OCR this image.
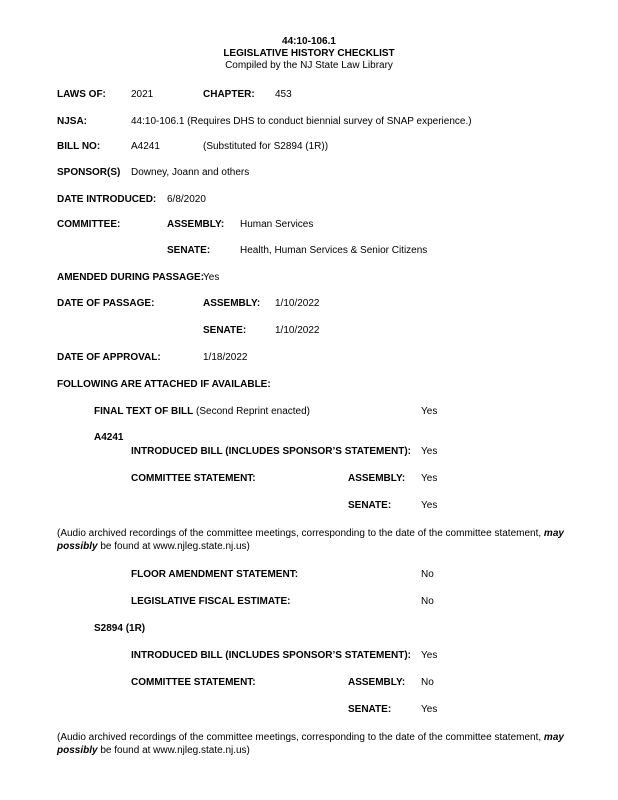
44:10-106.1
LEGISLATIVE HISTORY CHECKLIST
Compiled by the NJ State Law Library
LAWS OF:	2021	CHAPTER: 453
NJSA:	44:10-106.1 (Requires DHS to conduct biennial survey of SNAP experience.)
BILL NO:	A4241	(Substituted for S2894 (1R))
SPONSOR(S) Downey, Joann and others
DATE INTRODUCED: 6/8/2020
COMMITTEE:	ASSEMBLY: Human Services
SENATE:	Health, Human Services & Senior Citizens
AMENDED DURING PASSAGE:
Yes
DATE OF PASSAGE:	ASSEMBLY: 1/10/2022
SENATE:	1/10/2022
DATE OF APPROVAL:	1/18/2022
FOLLOWING ARE ATTACHED IF AVAILABLE:
FINAL TEXT OF BILL (Second Reprint enacted)	Yes
A4241
INTRODUCED BILL (INCLUDES SPONSOR’S STATEMENT): Yes
COMMITTEE STATEMENT:	ASSEMBLY: Yes
SENATE:	Yes
(Audio archived recordings of the committee meetings, corresponding to the date of the committee statement, may
possibly be found at www.njleg.state.nj.us)
FLOOR AMENDMENT STATEMENT:	No
LEGISLATIVE FISCAL ESTIMATE:	No
S2894 (1R)
INTRODUCED BILL (INCLUDES SPONSOR’S STATEMENT): Yes
COMMITTEE STATEMENT:	ASSEMBLY: No
SENATE:	Yes
(Audio archived recordings of the committee meetings, corresponding to the date of the committee statement, may
possibly be found at www.njleg.state.nj.us)
